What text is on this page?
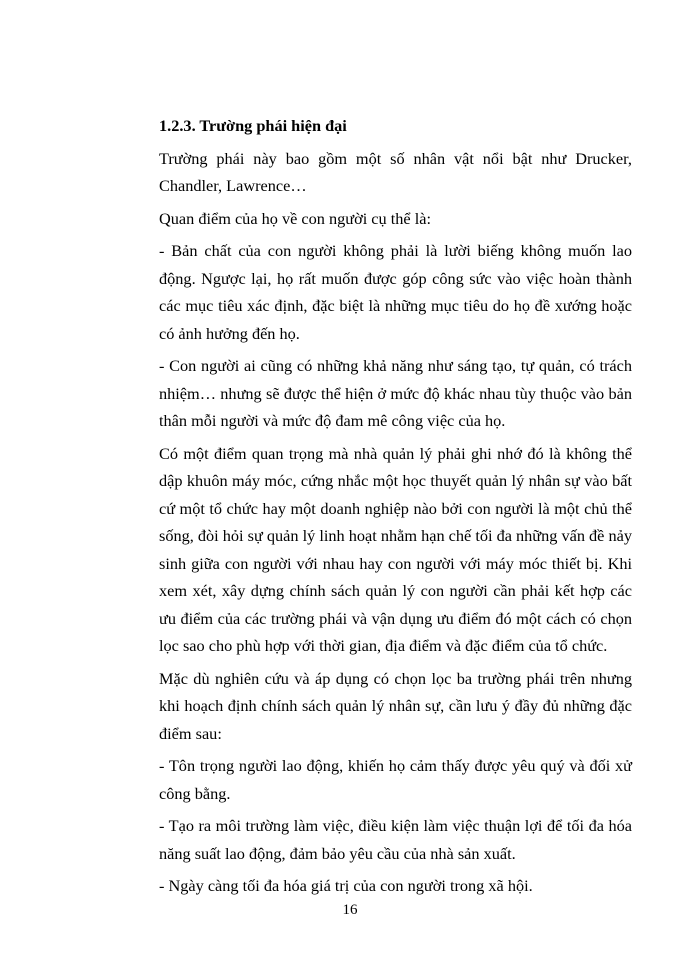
1.2.3. Trường phái hiện đại

Trường phái này bao gồm một số nhân vật nổi bật như Drucker, Chandler, Lawrence…

Quan điểm của họ về con người cụ thể là:

- Bản chất của con người không phải là lười biếng không muốn lao động. Ngược lại, họ rất muốn được góp công sức vào việc hoàn thành các mục tiêu xác định, đặc biệt là những mục tiêu do họ đề xướng hoặc có ảnh hưởng đến họ.

- Con người ai cũng có những khả năng như sáng tạo, tự quản, có trách nhiệm… nhưng sẽ được thể hiện ở mức độ khác nhau tùy thuộc vào bản thân mỗi người và mức độ đam mê công việc của họ.

Có một điểm quan trọng mà nhà quản lý phải ghi nhớ đó là không thể dập khuôn máy móc, cứng nhắc một học thuyết quản lý nhân sự vào bất cứ một tổ chức hay một doanh nghiệp nào bởi con người là một chủ thể sống, đòi hỏi sự quản lý linh hoạt nhằm hạn chế tối đa những vấn đề nảy sinh giữa con người với nhau hay con người với máy móc thiết bị. Khi xem xét, xây dựng chính sách quản lý con người cần phải kết hợp các ưu điểm của các trường phái và vận dụng ưu điểm đó một cách có chọn lọc sao cho phù hợp với thời gian, địa điểm và đặc điểm của tổ chức.

Mặc dù nghiên cứu và áp dụng có chọn lọc ba trường phái trên nhưng khi hoạch định chính sách quản lý nhân sự, cần lưu ý đầy đủ những đặc điểm sau:

- Tôn trọng người lao động, khiến họ cảm thấy được yêu quý và đối xử công bằng.

- Tạo ra môi trường làm việc, điều kiện làm việc thuận lợi để tối đa hóa năng suất lao động, đảm bảo yêu cầu của nhà sản xuất.

- Ngày càng tối đa hóa giá trị của con người trong xã hội.

16
